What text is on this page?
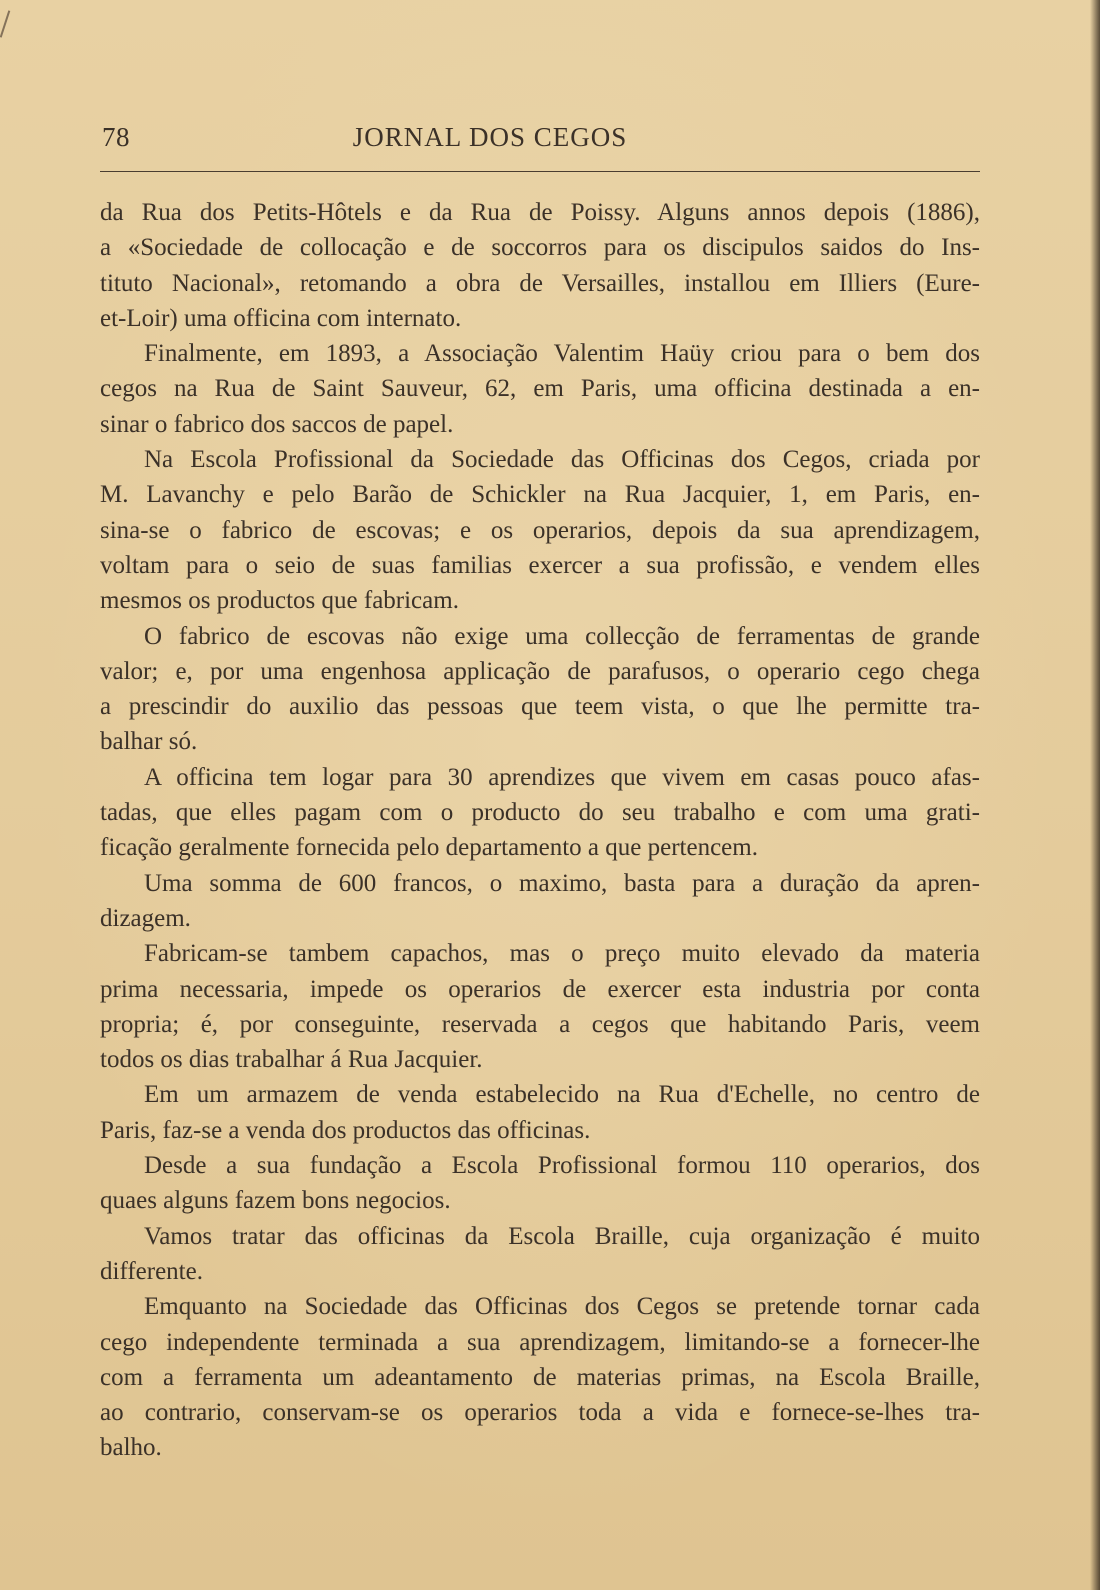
78	JORNAL DOS CEGOS
da Rua dos Petits-Hôtels e da Rua de Poissy. Alguns annos depois (1886),
a «Sociedade de collocação e de soccorros para os discipulos saidos do Ins-
tituto Nacional», retomando a obra de Versailles, installou em Illiers (Eure-
et-Loir) uma officina com internato.
Finalmente, em 1893, a Associação Valentim Haüy criou para o bem dos
cegos na Rua de Saint Sauveur, 62, em Paris, uma officina destinada a en-
sinar o fabrico dos saccos de papel.
Na Escola Profissional da Sociedade das Officinas dos Cegos, criada por
M. Lavanchy e pelo Barão de Schickler na Rua Jacquier, 1, em Paris, en-
sina-se o fabrico de escovas; e os operarios, depois da sua aprendizagem,
voltam para o seio de suas familias exercer a sua profissão, e vendem elles
mesmos os productos que fabricam.
O fabrico de escovas não exige uma collecção de ferramentas de grande
valor; e, por uma engenhosa applicação de parafusos, o operario cego chega
a prescindir do auxilio das pessoas que teem vista, o que lhe permitte tra-
balhar só.
A officina tem logar para 30 aprendizes que vivem em casas pouco afas-
tadas, que elles pagam com o producto do seu trabalho e com uma grati-
ficação geralmente fornecida pelo departamento a que pertencem.
Uma somma de 600 francos, o maximo, basta para a duração da apren-
dizagem.
Fabricam-se tambem capachos, mas o preço muito elevado da materia
prima necessaria, impede os operarios de exercer esta industria por conta
propria; é, por conseguinte, reservada a cegos que habitando Paris, veem
todos os dias trabalhar á Rua Jacquier.
Em um armazem de venda estabelecido na Rua d'Echelle, no centro de
Paris, faz-se a venda dos productos das officinas.
Desde a sua fundação a Escola Profissional formou 110 operarios, dos
quaes alguns fazem bons negocios.
Vamos tratar das officinas da Escola Braille, cuja organização é muito
differente.
Emquanto na Sociedade das Officinas dos Cegos se pretende tornar cada
cego independente terminada a sua aprendizagem, limitando-se a fornecer-lhe
com a ferramenta um adeantamento de materias primas, na Escola Braille,
ao contrario, conservam-se os operarios toda a vida e fornece-se-lhes tra-
balho.
